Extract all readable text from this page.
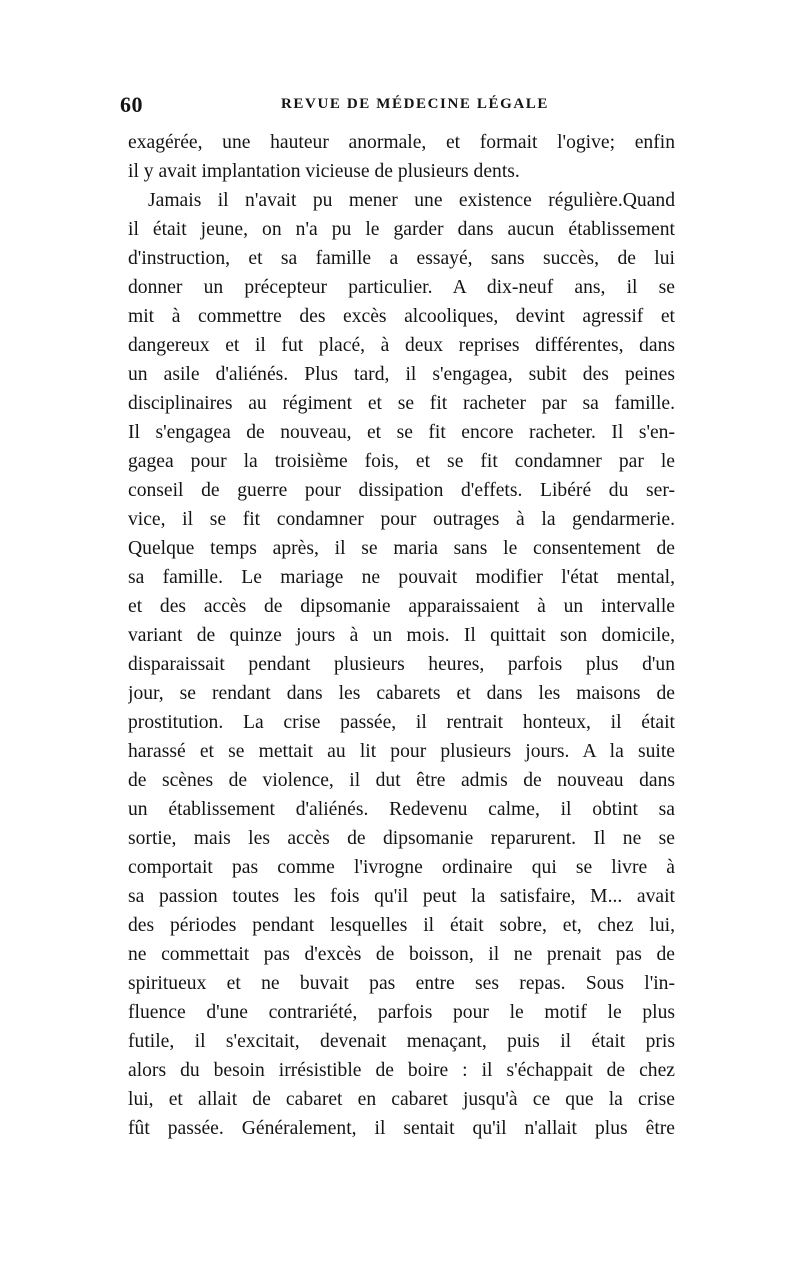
60	REVUE DE MÉDECINE LÉGALE
exagérée, une hauteur anormale, et formait l'ogive; enfin
il y avait implantation vicieuse de plusieurs dents.
Jamais il n'avait pu mener une existence régulière.Quand
il était jeune, on n'a pu le garder dans aucun établissement
d'instruction, et sa famille a essayé, sans succès, de lui
donner un précepteur particulier. A dix-neuf ans, il se
mit à commettre des excès alcooliques, devint agressif et
dangereux et il fut placé, à deux reprises différentes, dans
un asile d'aliénés. Plus tard, il s'engagea, subit des peines
disciplinaires au régiment et se fit racheter par sa famille.
Il s'engagea de nouveau, et se fit encore racheter. Il s'en-
gagea pour la troisième fois, et se fit condamner par le
conseil de guerre pour dissipation d'effets. Libéré du ser-
vice, il se fit condamner pour outrages à la gendarmerie.
Quelque temps après, il se maria sans le consentement de
sa famille. Le mariage ne pouvait modifier l'état mental,
et des accès de dipsomanie apparaissaient à un intervalle
variant de quinze jours à un mois. Il quittait son domicile,
disparaissait pendant plusieurs heures, parfois plus d'un
jour, se rendant dans les cabarets et dans les maisons de
prostitution. La crise passée, il rentrait honteux, il était
harassé et se mettait au lit pour plusieurs jours. A la suite
de scènes de violence, il dut être admis de nouveau dans
un établissement d'aliénés. Redevenu calme, il obtint sa
sortie, mais les accès de dipsomanie reparurent. Il ne se
comportait pas comme l'ivrogne ordinaire qui se livre à
sa passion toutes les fois qu'il peut la satisfaire, M... avait
des périodes pendant lesquelles il était sobre, et, chez lui,
ne commettait pas d'excès de boisson, il ne prenait pas de
spiritueux et ne buvait pas entre ses repas. Sous l'in-
fluence d'une contrariété, parfois pour le motif le plus
futile, il s'excitait, devenait menaçant, puis il était pris
alors du besoin irrésistible de boire : il s'échappait de chez
lui, et allait de cabaret en cabaret jusqu'à ce que la crise
fût passée. Généralement, il sentait qu'il n'allait plus être
